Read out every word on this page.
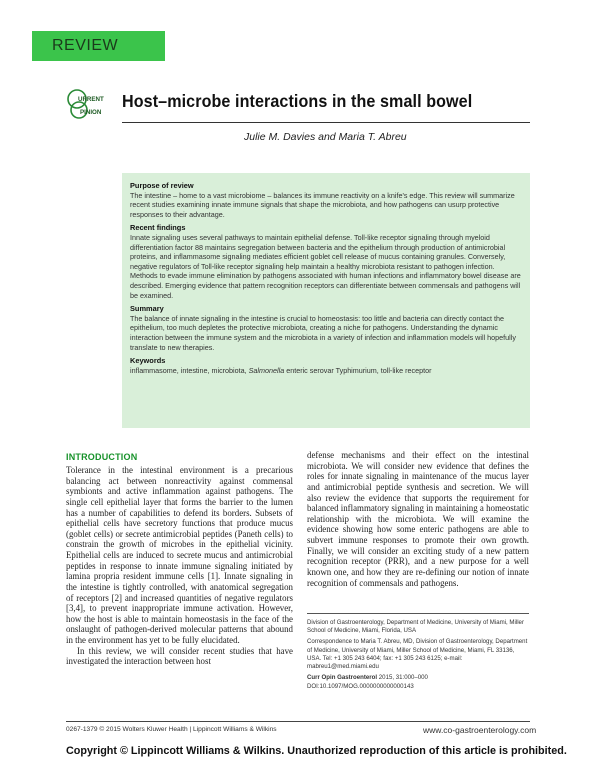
REVIEW
URRENT
PINION
Host–microbe interactions in the small bowel
Julie M. Davies and Maria T. Abreu
Purpose of review

The intestine – home to a vast microbiome – balances its immune reactivity on a knife's edge. This review will summarize recent studies examining innate immune signals that shape the microbiota, and how pathogens can usurp protective responses to their advantage.

Recent findings

Innate signaling uses several pathways to maintain epithelial defense. Toll-like receptor signaling through myeloid differentiation factor 88 maintains segregation between bacteria and the epithelium through production of antimicrobial proteins, and inflammasome signaling mediates efficient goblet cell release of mucus containing granules. Conversely, negative regulators of Toll-like receptor signaling help maintain a healthy microbiota resistant to pathogen infection. Methods to evade immune elimination by pathogens associated with human infections and inflammatory bowel disease are described. Emerging evidence that pattern recognition receptors can differentiate between commensals and pathogens will be examined.

Summary

The balance of innate signaling in the intestine is crucial to homeostasis: too little and bacteria can directly contact the epithelium, too much depletes the protective microbiota, creating a niche for pathogens. Understanding the dynamic interaction between the immune system and the microbiota in a variety of infection and inflammation models will hopefully translate to new therapies.

Keywords

inflammasome, intestine, microbiota, Salmonella enteric serovar Typhimurium, toll-like receptor

INTRODUCTION

Tolerance in the intestinal environment is a precarious balancing act between nonreactivity against commensal symbionts and active inflammation against pathogens. The single cell epithelial layer that forms the barrier to the lumen has a number of capabilities to defend its borders. Subsets of epithelial cells have secretory functions that produce mucus (goblet cells) or secrete antimicrobial peptides (Paneth cells) to constrain the growth of microbes in the epithelial vicinity. Epithelial cells are induced to secrete mucus and antimicrobial peptides in response to innate immune signaling initiated by lamina propria resident immune cells [1]. Innate signaling in the intestine is tightly controlled, with anatomical segregation of receptors [2] and increased quantities of negative regulators [3,4], to prevent inappropriate immune activation. However, how the host is able to maintain homeostasis in the face of the onslaught of pathogen-derived molecular patterns that abound in the environment has yet to be fully elucidated.

In this review, we will consider recent studies that have investigated the interaction between host

defense mechanisms and their effect on the intestinal microbiota. We will consider new evidence that defines the roles for innate signaling in maintenance of the mucus layer and antimicrobial peptide synthesis and secretion. We will also review the evidence that supports the requirement for balanced inflammatory signaling in maintaining a homeostatic relationship with the microbiota. We will examine the evidence showing how some enteric pathogens are able to subvert immune responses to promote their own growth. Finally, we will consider an exciting study of a new pattern recognition receptor (PRR), and a new purpose for a well known one, and how they are re-defining our notion of innate recognition of commensals and pathogens.

Division of Gastroenterology, Department of Medicine, University of Miami, Miller School of Medicine, Miami, Florida, USA

Correspondence to Maria T. Abreu, MD, Division of Gastroenterology, Department of Medicine, University of Miami, Miller School of Medicine, Miami, FL 33136, USA. Tel: +1 305 243 6404; fax: +1 305 243 6125; e-mail: mabreu1@med.miami.edu

Curr Opin Gastroenterol 2015, 31:000–000

DOI:10.1097/MOG.0000000000000143

0267-1379 © 2015 Wolters Kluwer Health | Lippincott Williams & Wilkins	www.co-gastroenterology.com
Copyright © Lippincott Williams & Wilkins. Unauthorized reproduction of this article is prohibited.
